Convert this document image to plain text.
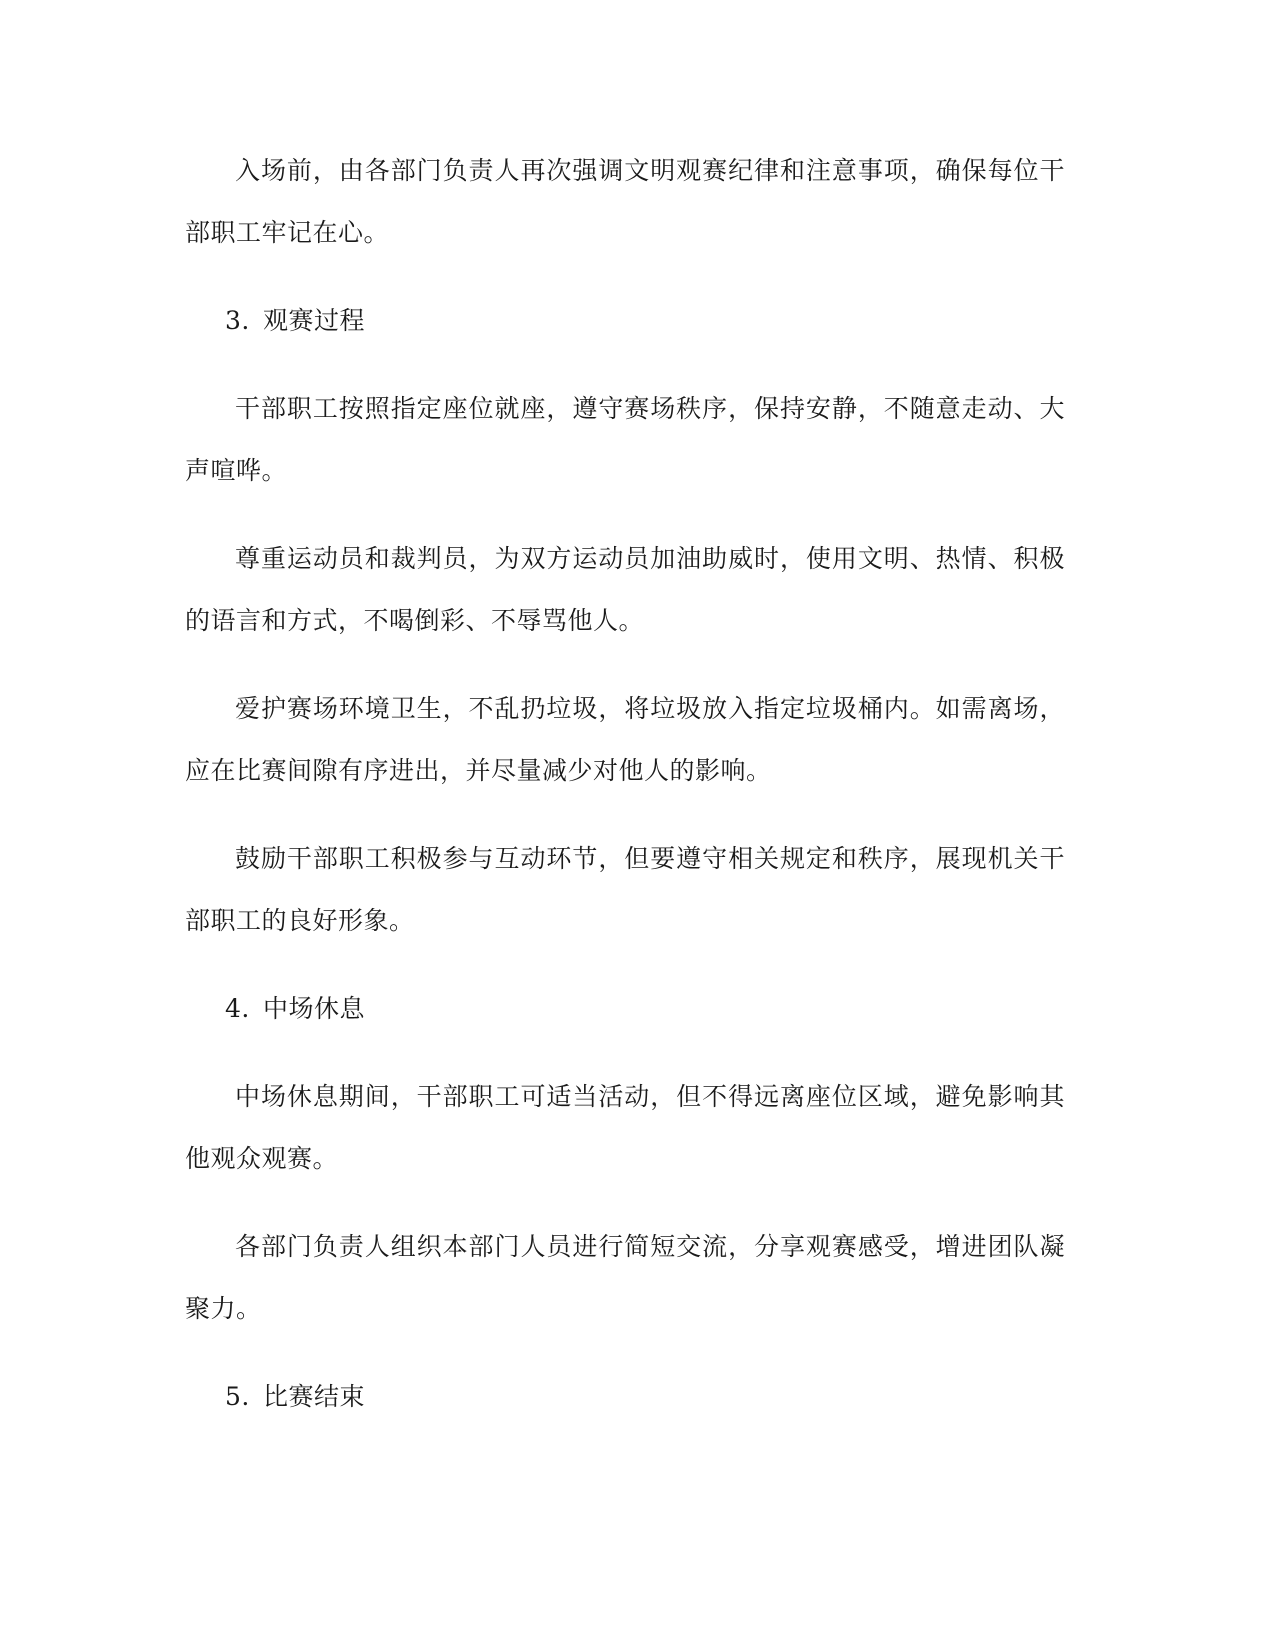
入场前，由各部门负责人再次强调文明观赛纪律和注意事项，确保每位干部职工牢记在心。

3. 观赛过程

干部职工按照指定座位就座，遵守赛场秩序，保持安静，不随意走动、大声喧哗。

尊重运动员和裁判员，为双方运动员加油助威时，使用文明、热情、积极的语言和方式，不喝倒彩、不辱骂他人。

爱护赛场环境卫生，不乱扔垃圾，将垃圾放入指定垃圾桶内。如需离场，应在比赛间隙有序进出，并尽量减少对他人的影响。

鼓励干部职工积极参与互动环节，但要遵守相关规定和秩序，展现机关干部职工的良好形象。

4. 中场休息

中场休息期间，干部职工可适当活动，但不得远离座位区域，避免影响其他观众观赛。

各部门负责人组织本部门人员进行简短交流，分享观赛感受，增进团队凝聚力。

5. 比赛结束
